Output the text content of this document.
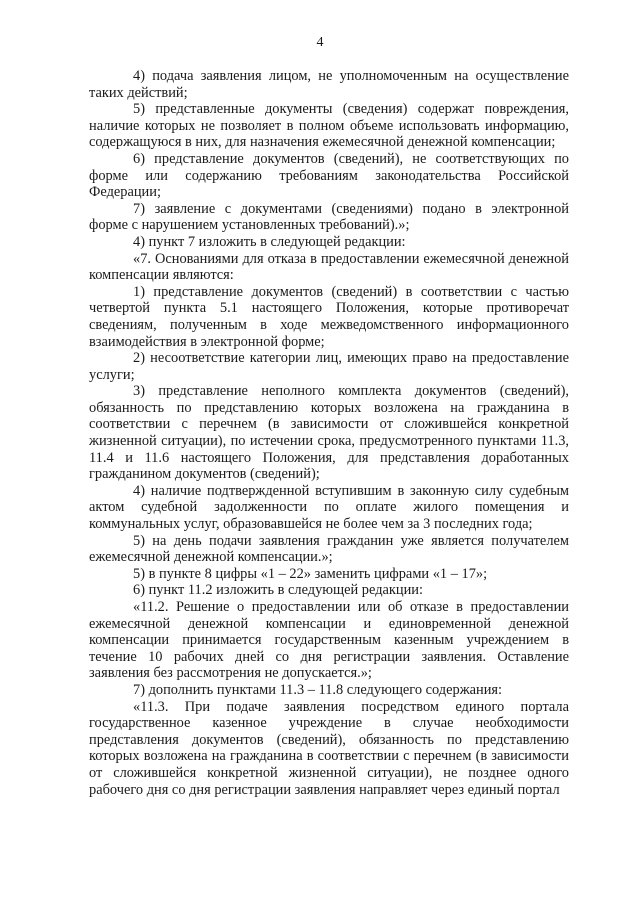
4

4) подача заявления лицом, не уполномоченным на осуществление таких действий;

5) представленные документы (сведения) содержат повреждения, наличие которых не позволяет в полном объеме использовать информацию, содержащуюся в них, для назначения ежемесячной денежной компенсации;

6) представление документов (сведений), не соответствующих по форме или содержанию требованиям законодательства Российской Федерации;

7) заявление с документами (сведениями) подано в электронной форме с нарушением установленных требований).»;

4) пункт 7 изложить в следующей редакции:

«7. Основаниями для отказа в предоставлении ежемесячной денежной компенсации являются:

1) представление документов (сведений) в соответствии с частью четвертой пункта 5.1 настоящего Положения, которые противоречат сведениям, полученным в ходе межведомственного информационного взаимодействия в электронной форме;

2) несоответствие категории лиц, имеющих право на предоставление услуги;

3) представление неполного комплекта документов (сведений), обязанность по представлению которых возложена на гражданина в соответствии с перечнем (в зависимости от сложившейся конкретной жизненной ситуации), по истечении срока, предусмотренного пунктами 11.3, 11.4 и 11.6 настоящего Положения, для представления доработанных гражданином документов (сведений);

4) наличие подтвержденной вступившим в законную силу судебным актом судебной задолженности по оплате жилого помещения и коммунальных услуг, образовавшейся не более чем за 3 последних года;

5) на день подачи заявления гражданин уже является получателем ежемесячной денежной компенсации.»;

5) в пункте 8 цифры «1 – 22» заменить цифрами «1 – 17»;

6) пункт 11.2 изложить в следующей редакции:

«11.2. Решение о предоставлении или об отказе в предоставлении ежемесячной денежной компенсации и единовременной денежной компенсации принимается государственным казенным учреждением в течение 10 рабочих дней со дня регистрации заявления. Оставление заявления без рассмотрения не допускается.»;

7) дополнить пунктами 11.3 – 11.8 следующего содержания:

«11.3. При подаче заявления посредством единого портала государственное казенное учреждение в случае необходимости представления документов (сведений), обязанность по представлению которых возложена на гражданина в соответствии с перечнем (в зависимости от сложившейся конкретной жизненной ситуации), не позднее одного рабочего дня со дня регистрации заявления направляет через единый портал
